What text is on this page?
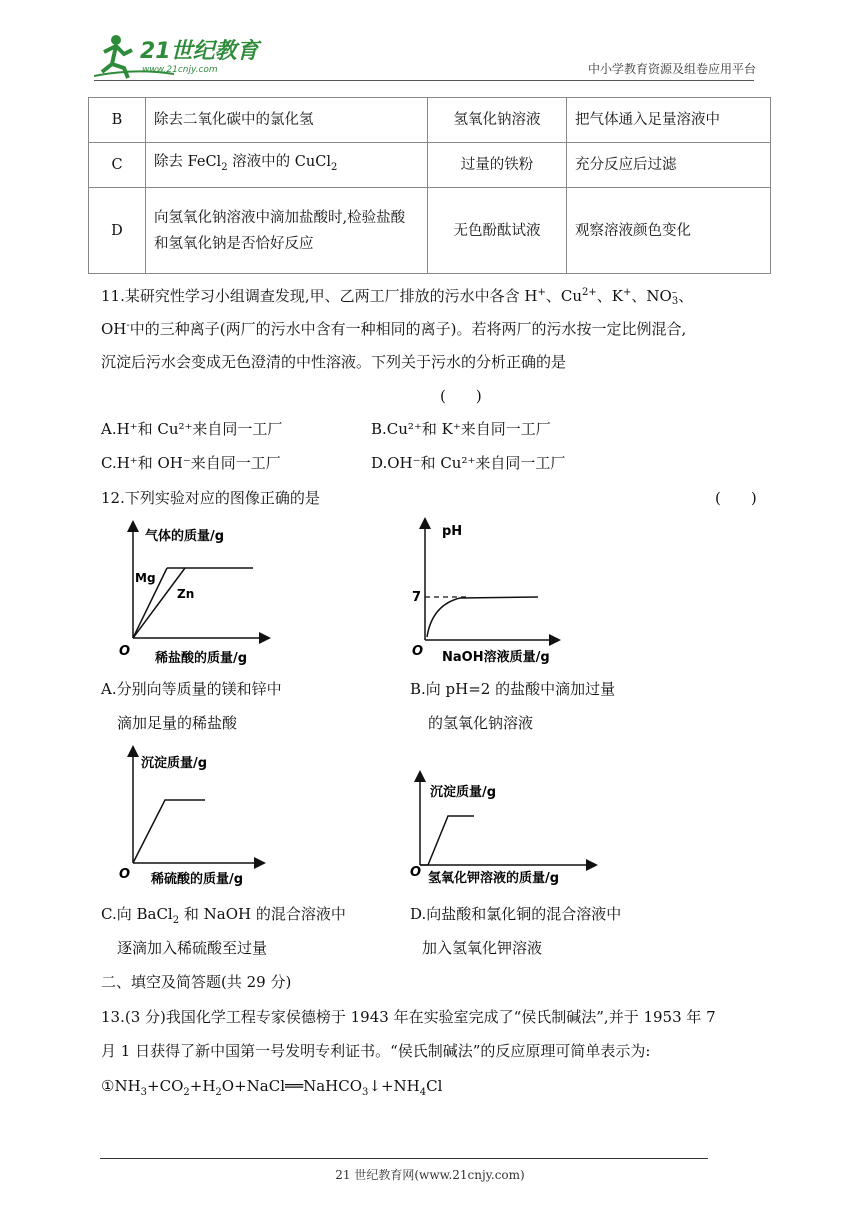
21世纪教育
www.21cnjy.com	中小学教育资源及组卷应用平台
B	除去二氧化碳中的氯化氢	氢氧化钠溶液	把气体通入足量溶液中
C	除去 FeCl$_2$ 溶液中的 CuCl$_2$	过量的铁粉	充分反应后过滤
D	向氢氧化钠溶液中滴加盐酸时,检验盐酸和氢氧化钠是否恰好反应	无色酚酞试液	观察溶液颜色变化
11.某研究性学习小组调查发现,甲、乙两工厂排放的污水中各含 H+、$Cu^{2+}$、K+、NO –
3 、
OH-中的三种离子(两厂的污水中含有一种相同的离子)。若将两厂的污水按一定比例混合,
沉淀后污水会变成无色澄清的中性溶液。下列关于污水的分析正确的是
(　　)
A.H⁺和 Cu²⁺来自同一工厂	B.Cu²⁺和 K⁺来自同一工厂
C.H⁺和 OH⁻来自同一工厂	D.OH⁻和 Cu²⁺来自同一工厂
12.下列实验对应的图像正确的是	(　　)
气体的质量/g
Mg
Zn
O 稀盐酸的质量/g
pH
7
O NaOH溶液质量/g
A.分别向等质量的镁和锌中
滴加足量的稀盐酸
B.向 pH=2 的盐酸中滴加过量
的氢氧化钠溶液
沉淀质量/g
O 稀硫酸的质量/g
沉淀质量/g
O 氢氧化钾溶液的质量/g
C.向 BaCl$_2$ 和 NaOH 的混合溶液中
逐滴加入稀硫酸至过量
D.向盐酸和氯化铜的混合溶液中
加入氢氧化钾溶液
二、填空及简答题(共 29 分)
13.(3 分)我国化学工程专家侯德榜于 1943 年在实验室完成了“侯氏制碱法”,并于 1953 年 7
月 1 日获得了新中国第一号发明专利证书。“侯氏制碱法”的反应原理可简单表示为:
$①NH_3+CO_2+H_2O+NaCl══NaHCO_3↓+NH_4Cl$
21 世纪教育网(www.21cnjy.com)
